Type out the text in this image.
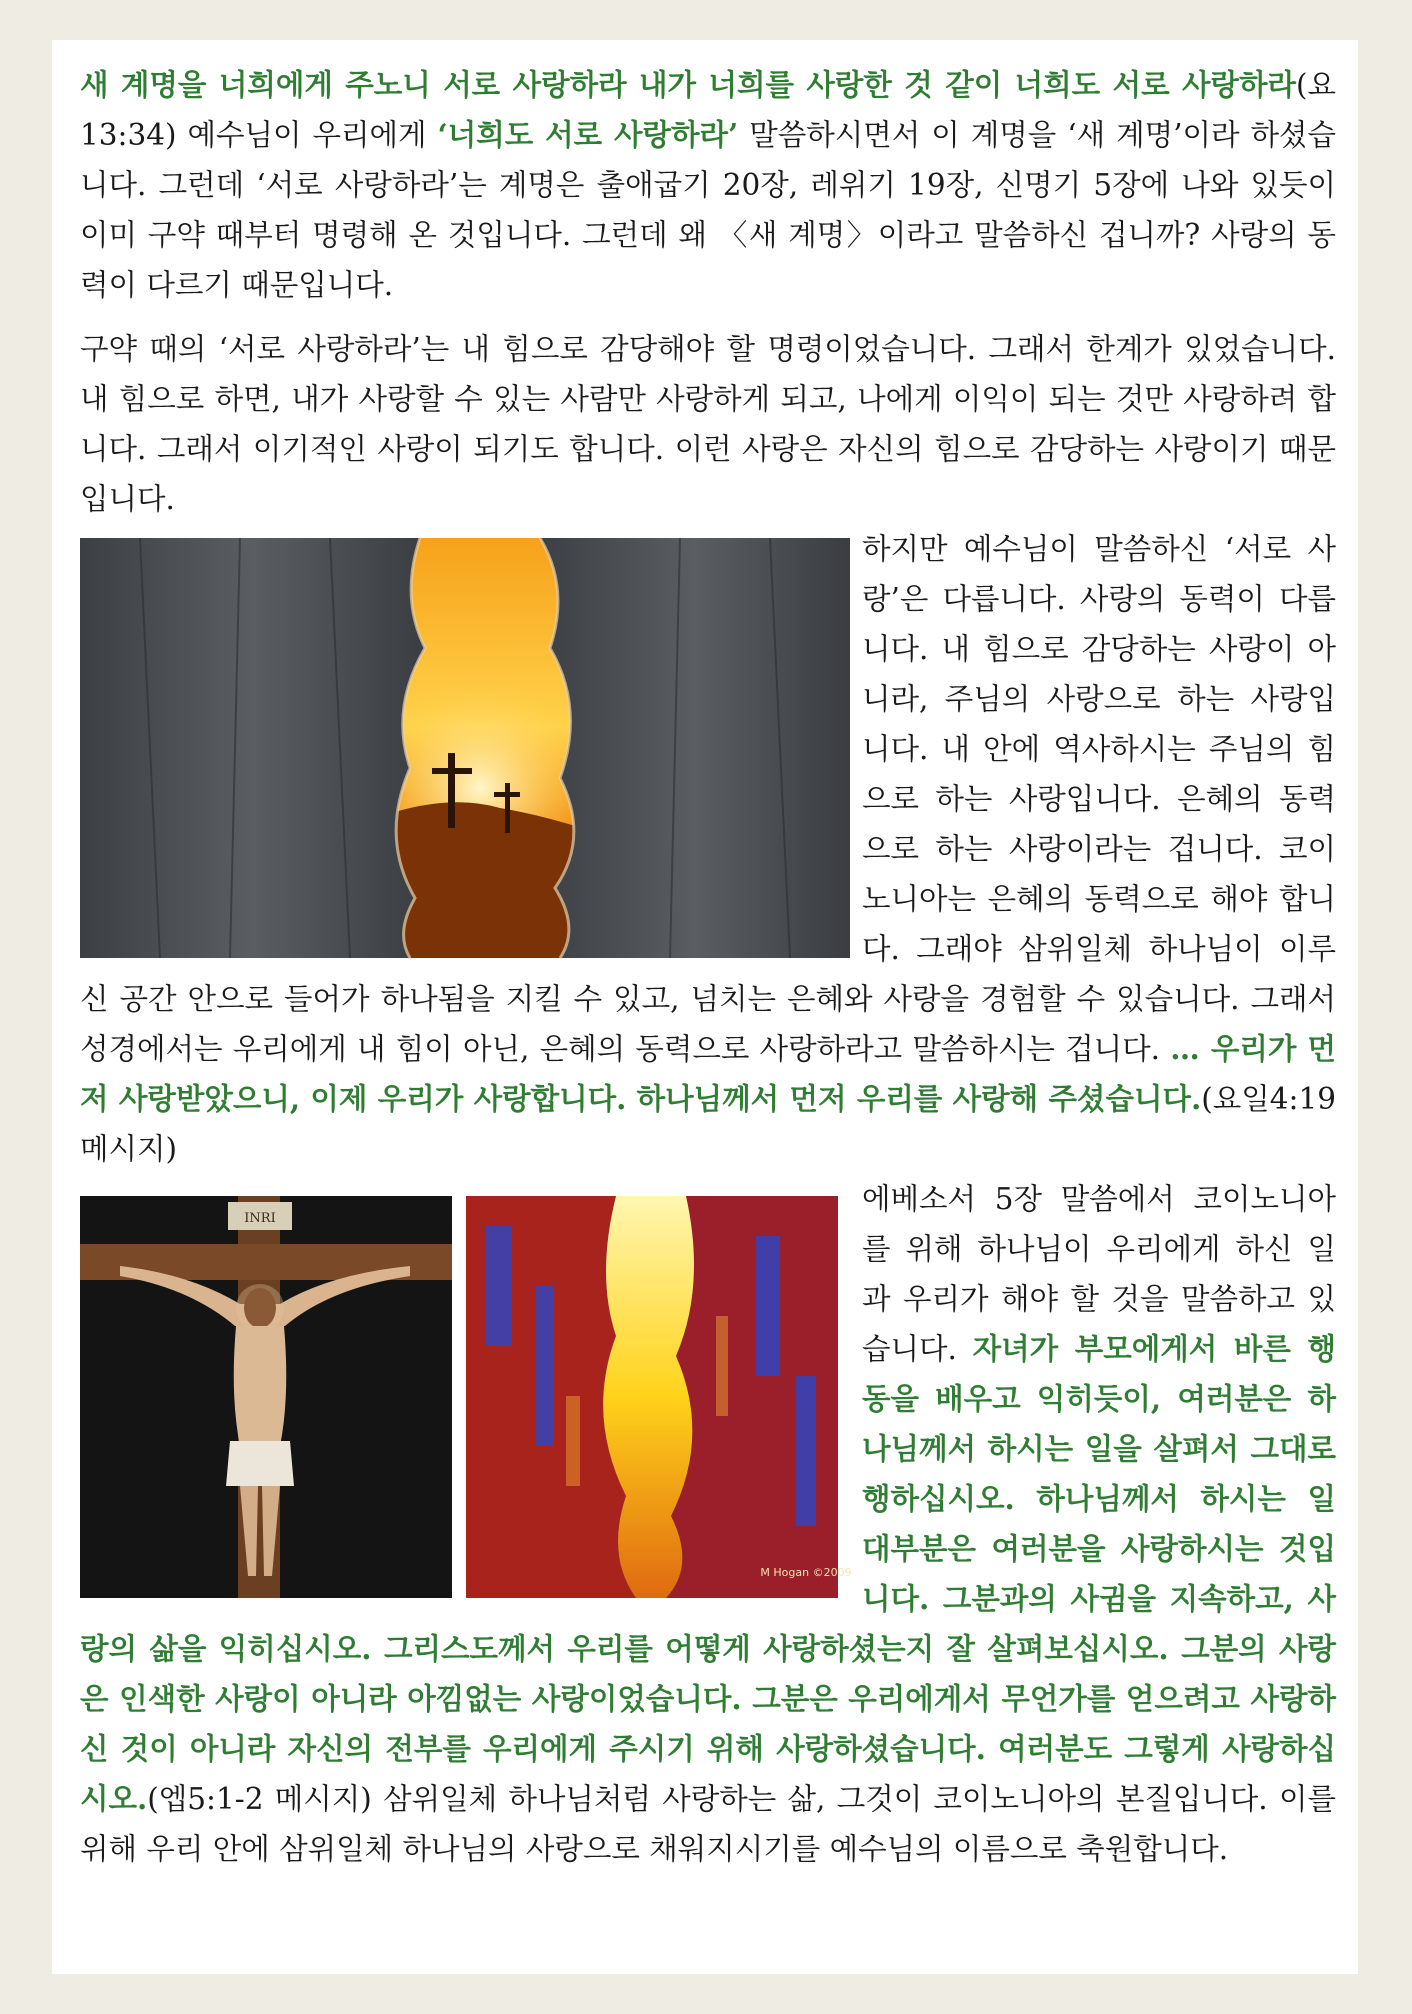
새 계명을 너희에게 주노니 서로 사랑하라 내가 너희를 사랑한 것 같이 너희도 서로 사랑하라(요13:34) 예수님이 우리에게 ‘너희도 서로 사랑하라’ 말씀하시면서 이 계명을 ‘새 계명’이라 하셨습니다. 그런데 ‘서로 사랑하라’는 계명은 출애굽기 20장, 레위기 19장, 신명기 5장에 나와 있듯이 이미 구약 때부터 명령해 온 것입니다. 그런데 왜 〈새 계명〉이라고 말씀하신 겁니까? 사랑의 동력이 다르기 때문입니다.

구약 때의 ‘서로 사랑하라’는 내 힘으로 감당해야 할 명령이었습니다. 그래서 한계가 있었습니다. 내 힘으로 하면, 내가 사랑할 수 있는 사람만 사랑하게 되고, 나에게 이익이 되는 것만 사랑하려 합니다. 그래서 이기적인 사랑이 되기도 합니다. 이런 사랑은 자신의 힘으로 감당하는 사랑이기 때문입니다.

하지만 예수님이 말씀하신 ‘서로 사랑’은 다릅니다. 사랑의 동력이 다릅니다. 내 힘으로 감당하는 사랑이 아니라, 주님의 사랑으로 하는 사랑입니다. 내 안에 역사하시는 주님의 힘으로 하는 사랑입니다. 은혜의 동력으로 하는 사랑이라는 겁니다. 코이노니아는 은혜의 동력으로 해야 합니다. 그래야 삼위일체 하나님이 이루신 공간 안으로 들어가 하나됨을 지킬 수 있고, 넘치는 은혜와 사랑을 경험할 수 있습니다. 그래서 성경에서는 우리에게 내 힘이 아닌, 은혜의 동력으로 사랑하라고 말씀하시는 겁니다. … 우리가 먼저 사랑받았으니, 이제 우리가 사랑합니다. 하나님께서 먼저 우리를 사랑해 주셨습니다.(요일4:19 메시지)

INRI
M Hogan ©2009

에베소서 5장 말씀에서 코이노니아를 위해 하나님이 우리에게 하신 일과 우리가 해야 할 것을 말씀하고 있습니다. 자녀가 부모에게서 바른 행동을 배우고 익히듯이, 여러분은 하나님께서 하시는 일을 살펴서 그대로 행하십시오. 하나님께서 하시는 일 대부분은 여러분을 사랑하시는 것입니다. 그분과의 사귐을 지속하고, 사랑의 삶을 익히십시오. 그리스도께서 우리를 어떻게 사랑하셨는지 잘 살펴보십시오. 그분의 사랑은 인색한 사랑이 아니라 아낌없는 사랑이었습니다. 그분은 우리에게서 무언가를 얻으려고 사랑하신 것이 아니라 자신의 전부를 우리에게 주시기 위해 사랑하셨습니다. 여러분도 그렇게 사랑하십시오.(엡5:1-2 메시지) 삼위일체 하나님처럼 사랑하는 삶, 그것이 코이노니아의 본질입니다. 이를 위해 우리 안에 삼위일체 하나님의 사랑으로 채워지시기를 예수님의 이름으로 축원합니다.
